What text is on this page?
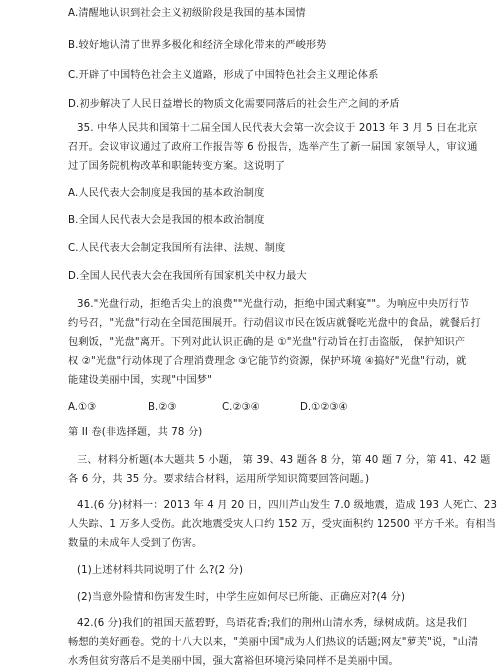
A.清醒地认识到社会主义初级阶段是我国的基本国情
B.较好地认清了世界多极化和经济全球化带来的严峻形势
C.开辟了中国特色社会主义道路，形成了中国特色社会主义理论体系
D.初步解决了人民日益增长的物质文化需要同落后的社会生产之间的矛盾
35. 中华人民共和国第十二届全国人民代表大会第一次会议于 2013 年 3 月 5 日在北京
召开。会议审议通过了政府工作报告等 6 份报告，选举产生了新一届国 家领导人，审议通
过了国务院机构改革和职能转变方案。这说明了
A.人民代表大会制度是我国的基本政治制度
B.全国人民代表大会是我国的根本政治制度
C.人民代表大会制定我国所有法律、法规、制度
D.全国人民代表大会在我国所有国家机关中权力最大
36."光盘行动，拒绝舌尖上的浪费""光盘行动，拒绝中国式剩宴""。为响应中央厉行节
约号召，"光盘"行动在全国范围展开。行动倡议市民在饭店就餐吃光盘中的食品，就餐后打
包剩饭，"光盘"离开。下列对此认识正确的是 ①"光盘"行动旨在打击盗版， 保护知识产
权 ②"光盘"行动体现了合理消费理念 ③它能节约资源，保护环境 ④搞好"光盘"行动，就
能建设美丽中国，实现"中国梦"
A.①③	B.②③	C.②③④	D.①②③④
第 II 卷(非选择题，共 78 分)
三、材料分析题(本大题共 5 小题， 第 39、43 题各 8 分，第 40 题 7 分，第 41、42 题
各 6 分，共 35 分。要求结合材料，运用所学知识简要回答问题。)
41.(6 分)材料一：2013 年 4 月 20 日，四川芦山发生 7.0 级地震，造成 193 人死亡、23
人失踪、1 万多人受伤。此次地震受灾人口约 152 万，受灾面积约 12500 平方千米。有相当
数量的未成年人受到了伤害。
(1)上述材料共同说明了什 么?(2 分)
(2)当意外险情和伤害发生时，中学生应如何尽已所能、正确应对?(4 分)
42.(6 分)我们的祖国天蓝碧野，鸟语花香;我们的荆州山清水秀，绿树成荫。这是我们
畅想的美好画卷。党的十八大以来，"美丽中国"成为人们热议的话题;网友"萝芙"说，"山清
水秀但贫穷落后不是美丽中国，强大富裕但环境污染同样不是美丽中国。
